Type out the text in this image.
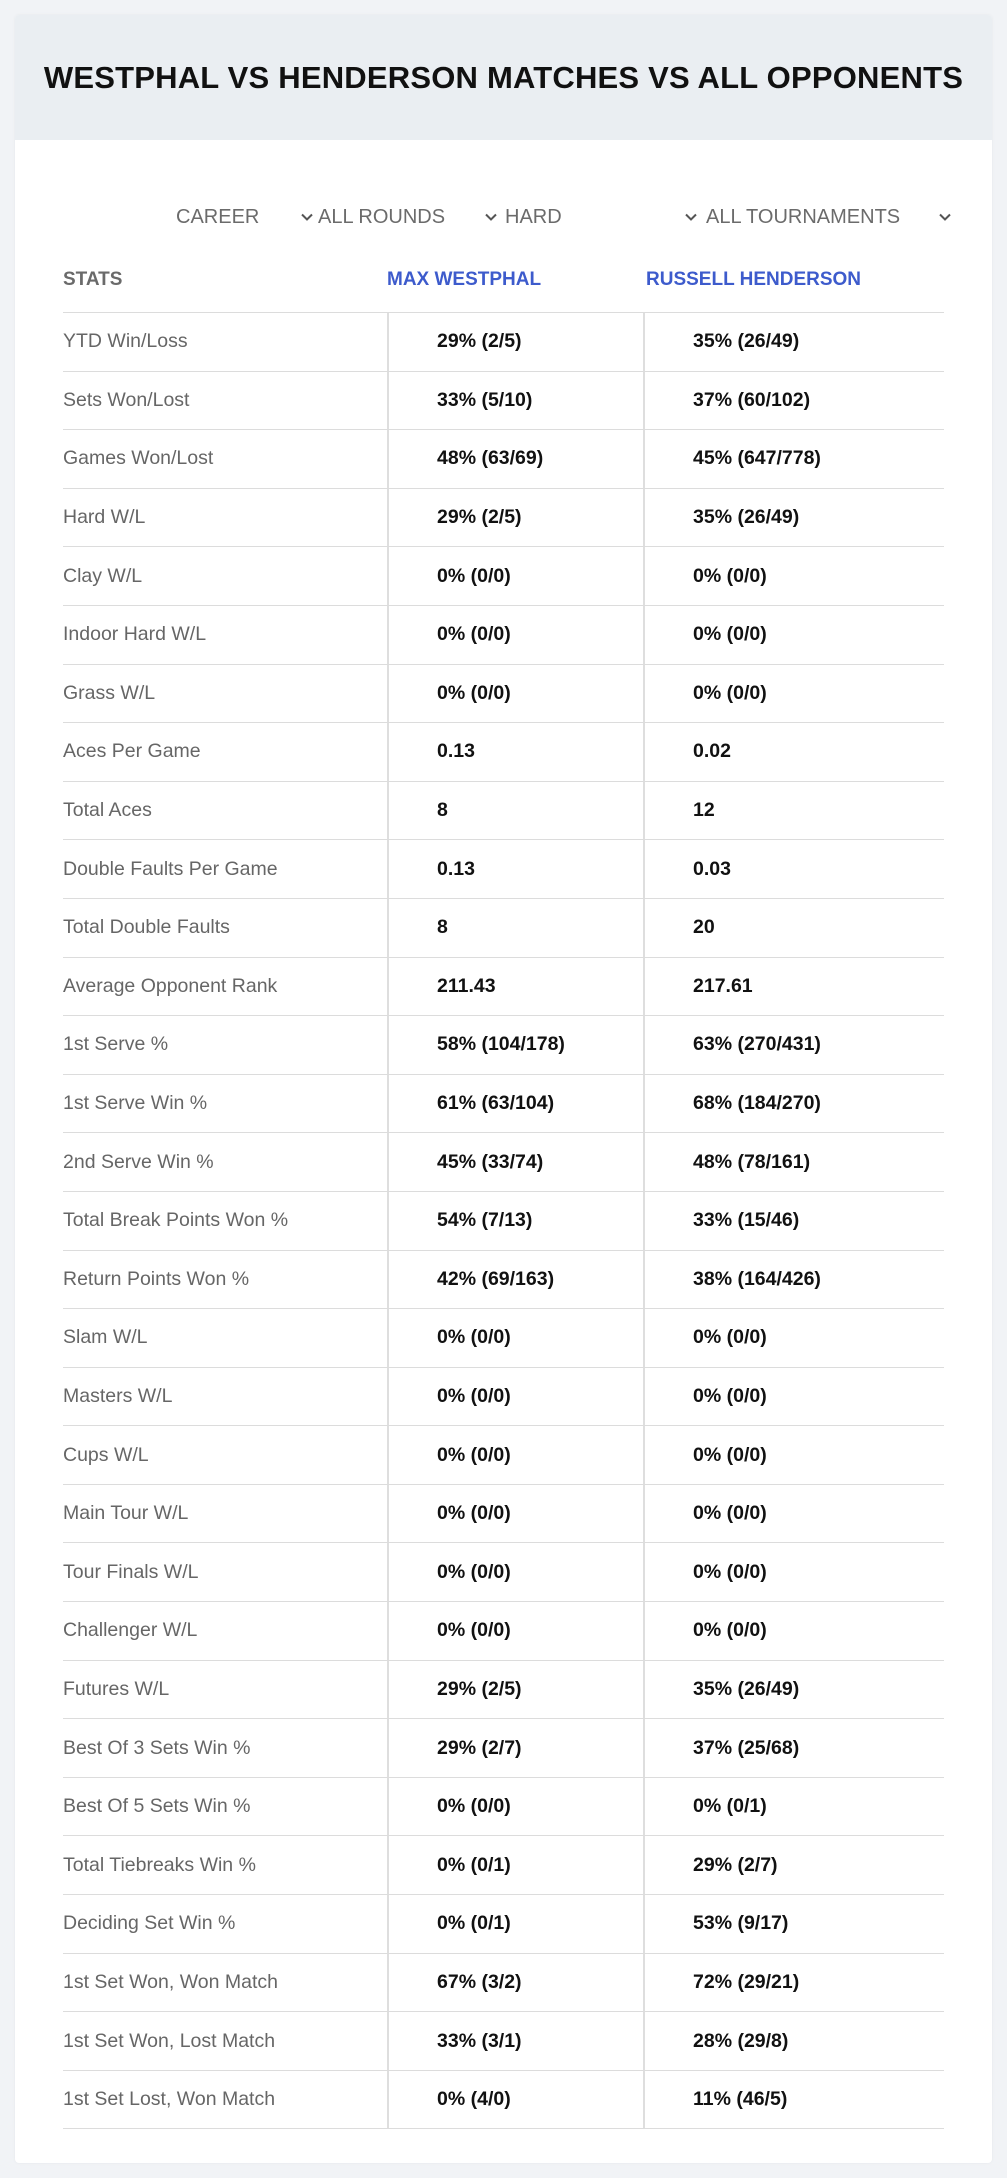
WESTPHAL VS HENDERSON MATCHES VS ALL OPPONENTS
CAREER	ALL ROUNDS	HARD	ALL TOURNAMENTS
STATS	MAX WESTPHAL	RUSSELL HENDERSON
YTD Win/Loss	29% (2/5)	35% (26/49)
Sets Won/Lost	33% (5/10)	37% (60/102)
Games Won/Lost	48% (63/69)	45% (647/778)
Hard W/L	29% (2/5)	35% (26/49)
Clay W/L	0% (0/0)	0% (0/0)
Indoor Hard W/L	0% (0/0)	0% (0/0)
Grass W/L	0% (0/0)	0% (0/0)
Aces Per Game	0.13	0.02
Total Aces	8	12
Double Faults Per Game	0.13	0.03
Total Double Faults	8	20
Average Opponent Rank	211.43	217.61
1st Serve %	58% (104/178)	63% (270/431)
1st Serve Win %	61% (63/104)	68% (184/270)
2nd Serve Win %	45% (33/74)	48% (78/161)
Total Break Points Won %	54% (7/13)	33% (15/46)
Return Points Won %	42% (69/163)	38% (164/426)
Slam W/L	0% (0/0)	0% (0/0)
Masters W/L	0% (0/0)	0% (0/0)
Cups W/L	0% (0/0)	0% (0/0)
Main Tour W/L	0% (0/0)	0% (0/0)
Tour Finals W/L	0% (0/0)	0% (0/0)
Challenger W/L	0% (0/0)	0% (0/0)
Futures W/L	29% (2/5)	35% (26/49)
Best Of 3 Sets Win %	29% (2/7)	37% (25/68)
Best Of 5 Sets Win %	0% (0/0)	0% (0/1)
Total Tiebreaks Win %	0% (0/1)	29% (2/7)
Deciding Set Win %	0% (0/1)	53% (9/17)
1st Set Won, Won Match	67% (3/2)	72% (29/21)
1st Set Won, Lost Match	33% (3/1)	28% (29/8)
1st Set Lost, Won Match	0% (4/0)	11% (46/5)
